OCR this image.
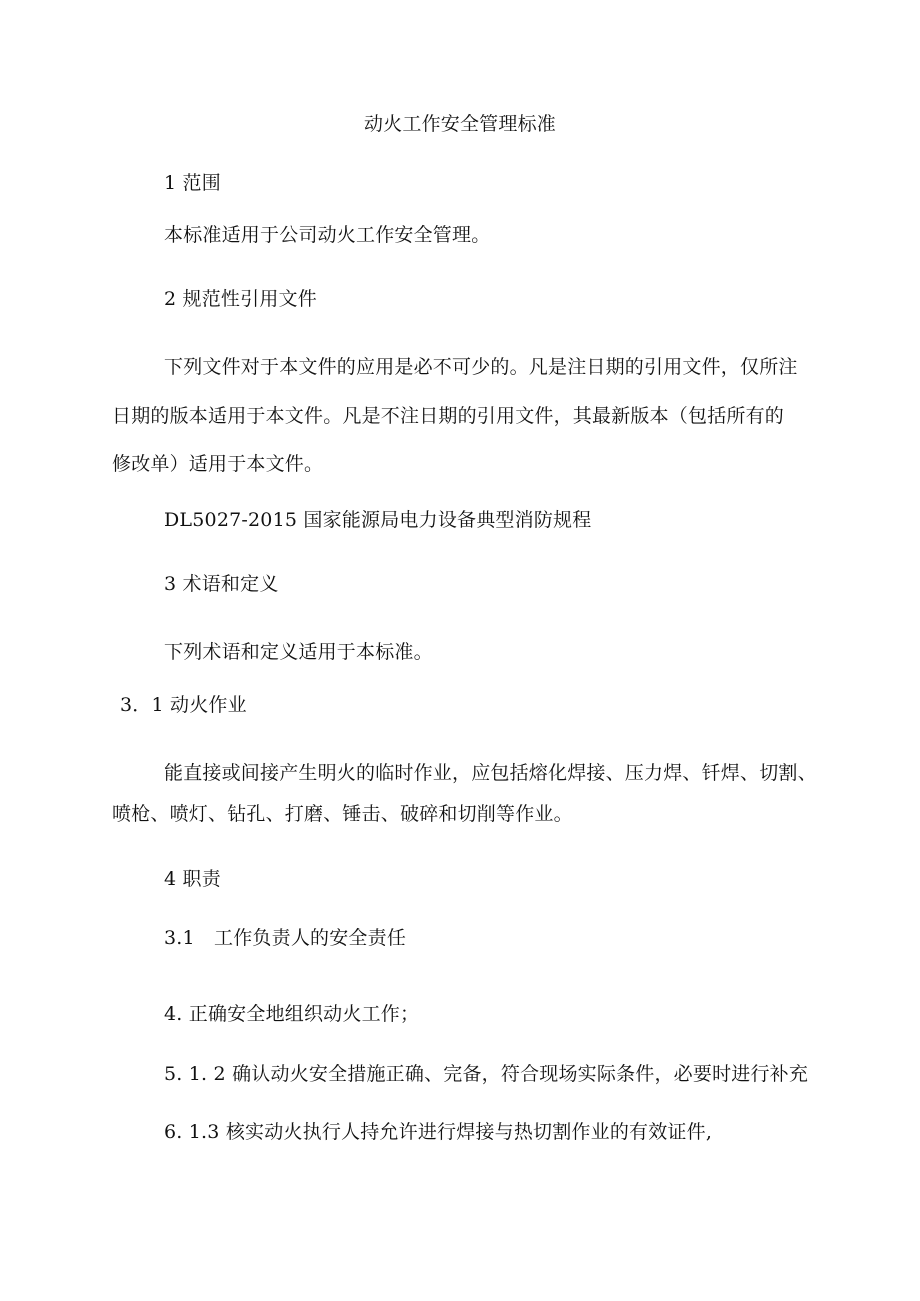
动火工作安全管理标准
1 范围
本标准适用于公司动火工作安全管理。
2 规范性引用文件
下列文件对于本文件的应用是必不可少的。凡是注日期的引用文件，仅所注
日期的版本适用于本文件。凡是不注日期的引用文件，其最新版本（包括所有的
修改单）适用于本文件。
DL5027-2015 国家能源局电力设备典型消防规程
3 术语和定义
下列术语和定义适用于本标准。
3．1 动火作业
能直接或间接产生明火的临时作业，应包括熔化焊接、压力焊、钎焊、切割、
喷枪、喷灯、钻孔、打磨、锤击、破碎和切削等作业。
4 职责
3.1　工作负责人的安全责任
4. 正确安全地组织动火工作；
5. 1. 2 确认动火安全措施正确、完备，符合现场实际条件，必要时进行补充
6. 1.3 核实动火执行人持允许进行焊接与热切割作业的有效证件,
